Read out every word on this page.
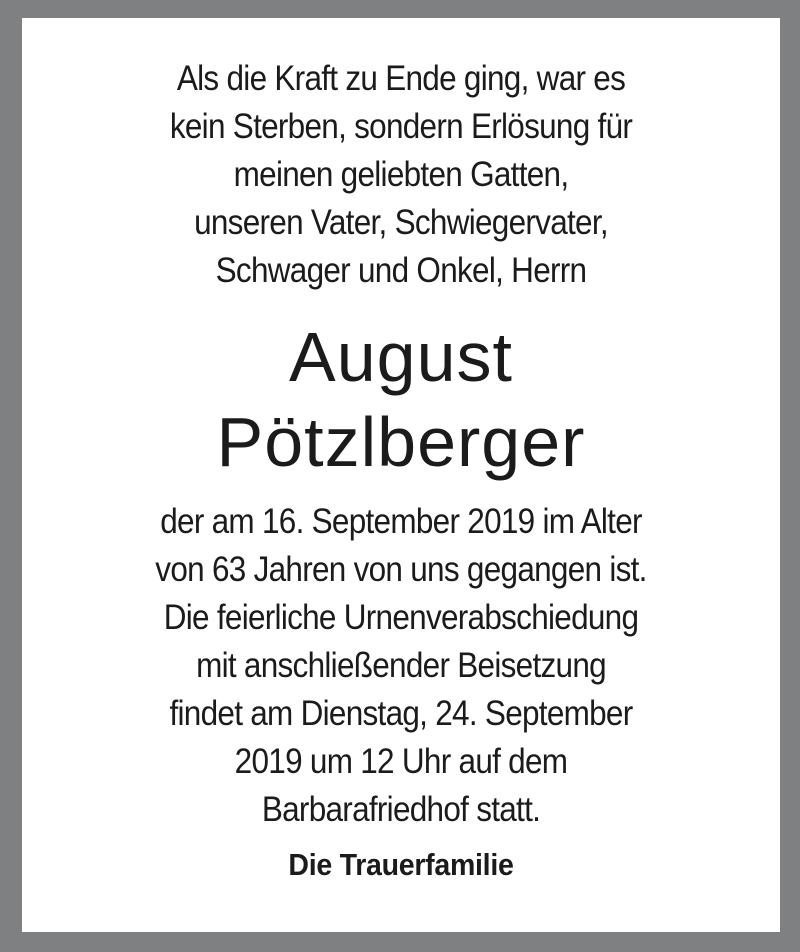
Als die Kraft zu Ende ging, war es
kein Sterben, sondern Erlösung für
meinen geliebten Gatten,
unseren Vater, Schwiegervater,
Schwager und Onkel, Herrn
August
Pötzlberger
der am 16. September 2019 im Alter
von 63 Jahren von uns gegangen ist.
Die feierliche Urnenverabschiedung
mit anschließender Beisetzung
findet am Dienstag, 24. September
2019 um 12 Uhr auf dem
Barbarafriedhof statt.
Die Trauerfamilie
